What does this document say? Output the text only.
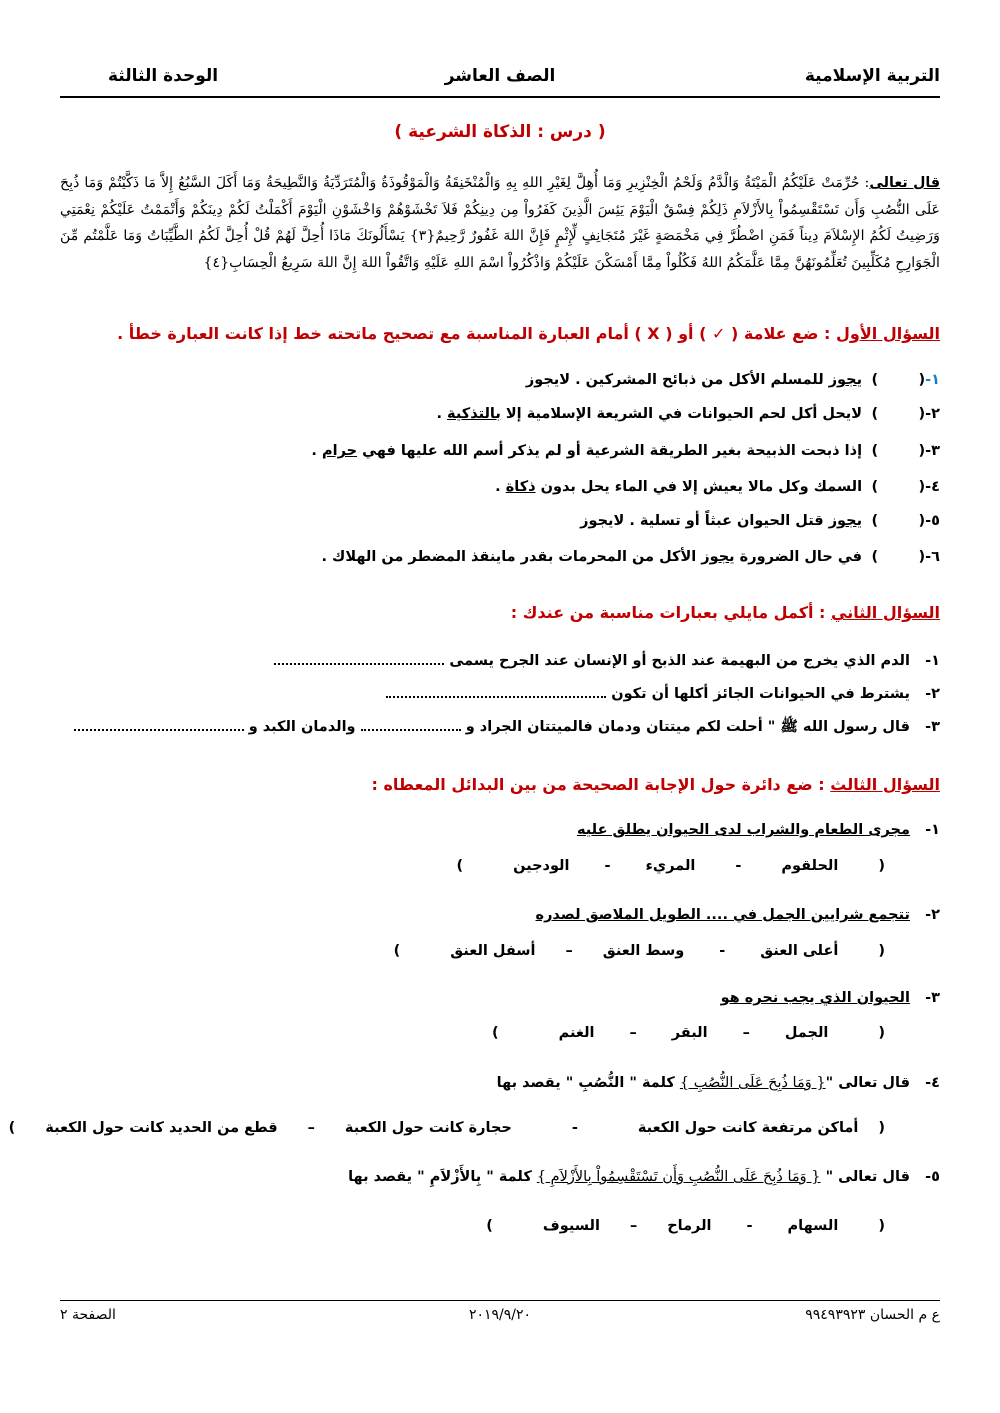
التربية الإسلامية
الصف العاشر
الوحدة الثالثة
( درس : الذكاة الشرعية )
قال تعالى: حُرِّمَتْ عَلَيْكُمُ الْمَيْتَةُ وَالْدَّمُ وَلَحْمُ الْخِنْزِيرِ وَمَا أُهِلَّ لِغَيْرِ اللهِ بِهِ وَالْمُنْخَنِقَةُ وَالْمَوْقُوذَةُ وَالْمُتَرَدِّيَةُ وَالنَّطِيحَةُ وَمَا أَكَلَ السَّبُعُ إِلاَّ مَا ذَكَّيْتُمْ وَمَا ذُبِحَ عَلَى النُّصُبِ وَأَن تَسْتَقْسِمُواْ بِالأَزْلاَمِ ذَلِكُمْ فِسْقٌ الْيَوْمَ يَئِسَ الَّذِينَ كَفَرُواْ مِن دِينِكُمْ فَلاَ تَخْشَوْهُمْ وَاخْشَوْنِ الْيَوْمَ أَكْمَلْتُ لَكُمْ دِينَكُمْ وَأَتْمَمْتُ عَلَيْكُمْ نِعْمَتِي وَرَضِيتُ لَكُمُ الإِسْلاَمَ دِيناً فَمَنِ اضْطُرَّ فِي مَخْمَصَةٍ غَيْرَ مُتَجَانِفٍ لِّإِثْمٍ فَإِنَّ اللهَ غَفُورٌ رَّحِيمٌ{٣} يَسْأَلُونَكَ مَاذَا أُحِلَّ لَهُمْ قُلْ أُحِلَّ لَكُمُ الطَّيِّبَاتُ وَمَا عَلَّمْتُم مِّنَ الْجَوَارِحِ مُكَلِّبِينَ تُعَلِّمُونَهُنَّ مِمَّا عَلَّمَكُمُ اللهُ فَكُلُواْ مِمَّا أَمْسَكْنَ عَلَيْكُمْ وَاذْكُرُواْ اسْمَ اللهِ عَلَيْهِ وَاتَّقُواْ اللهَ إِنَّ اللهَ سَرِيعُ الْحِسَابِ{٤}
السؤال الأول : ضع علامة ( ✓ ) أو ( X ) أمام العبارة المناسبة مع تصحيح ماتحته خط إذا كانت العبارة خطأ .
١-(        ) يجوز للمسلم الأكل من ذبائح المشركين . لايجوز
٢-(        ) لايحل أكل لحم الحيوانات في الشريعة الإسلامية إلا بالتذكية .
٣-(        ) إذا ذبحت الذبيحة بغير الطريقة الشرعية أو لم يذكر أسم الله عليها فهي حرام .
٤-(        ) السمك وكل مالا يعيش إلا في الماء يحل بدون ذكاة .
٥-(        ) يجوز قتل الحيوان عبثاً أو تسلية . لايجوز
٦-(        ) في حال الضرورة يجوز الأكل من المحرمات بقدر ماينقذ المضطر من الهلاك .
السؤال الثاني : أكمل مايلي بعبارات مناسبة من عندك :
١-   الدم الذي يخرج من البهيمة عند الذبح أو الإنسان عند الجرح يسمى
٢-   يشترط في الحيوانات الجائز أكلها أن تكون
٣-   قال رسول الله ﷺ " أحلت لكم ميتتان ودمان فالميتتان الجراد و  والدمان الكبد و
السؤال الثالث : ضع دائرة حول الإجابة الصحيحة من بين البدائل المعطاه :
١-   مجرى الطعام والشراب لدى الحيوان يطلق عليه
(الحلقوم-المريء-الودجين)
٢-   تتجمع شرايين الجمل في .... الطويل الملاصق لصدره
(أعلى العنق-وسط العنق–أسفل العنق)
٣-   الحيوان الذي يجب نحره هو
(الجمل–البقر–الغنم)
٤-   قال تعالى "{ وَمَا ذُبِحَ عَلَى النُّصُبِ } كلمة " النُّصُبِ " يقصد بها
(أماكن مرتفعة كانت حول الكعبة-حجارة كانت حول الكعبة–قطع من الحديد كانت حول الكعبة)
٥-   قال تعالى " { وَمَا ذُبِحَ عَلَى النُّصُبِ وَأَن تَسْتَقْسِمُواْ بِالأَزْلاَمِ } كلمة " بِالأَزْلاَمِ " يقصد بها
(السهام-الرماح–السيوف)
ع م الحسان ٩٩٤٩٣٩٢٣
٢٠١٩/٩/٢٠
الصفحة ٢
